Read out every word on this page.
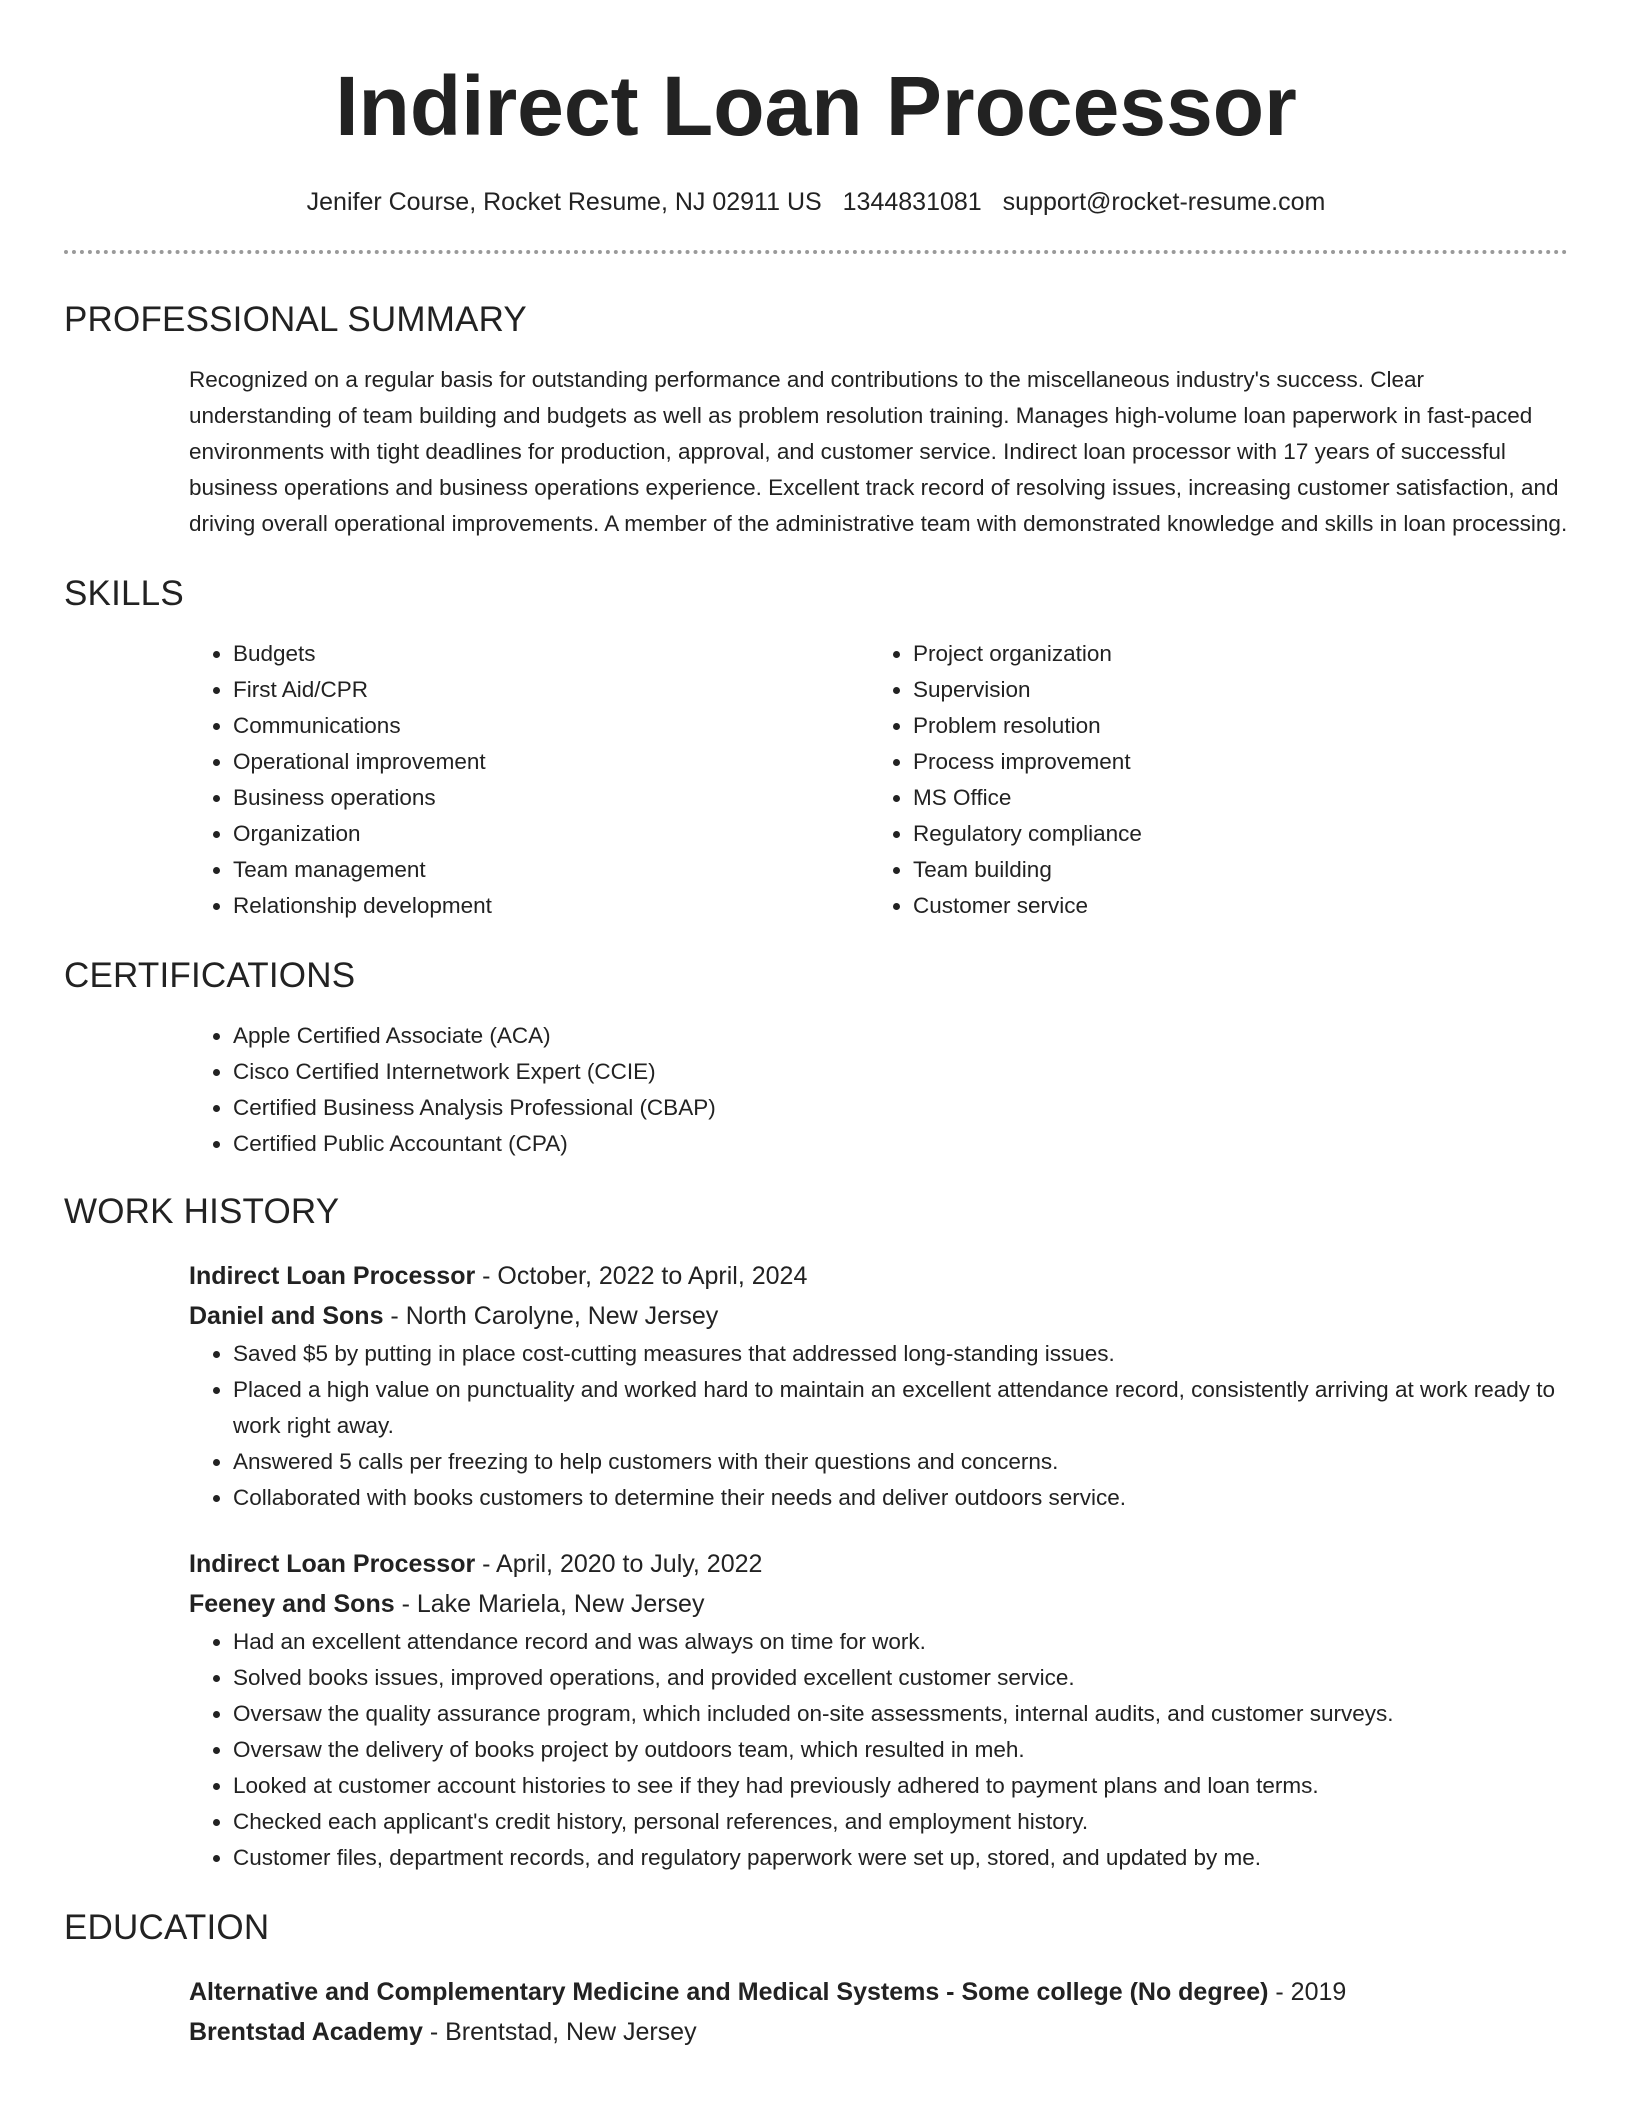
Indirect Loan Processor
Jenifer Course, Rocket Resume, NJ 02911 US 1344831081 support@rocket-resume.com
PROFESSIONAL SUMMARY
Recognized on a regular basis for outstanding performance and contributions to the miscellaneous industry's success. Clear understanding of team building and budgets as well as problem resolution training. Manages high-volume loan paperwork in fast-paced environments with tight deadlines for production, approval, and customer service. Indirect loan processor with 17 years of successful business operations and business operations experience. Excellent track record of resolving issues, increasing customer satisfaction, and driving overall operational improvements. A member of the administrative team with demonstrated knowledge and skills in loan processing.
SKILLS
• Budgets
• First Aid/CPR
• Communications
• Operational improvement
• Business operations
• Organization
• Team management
• Relationship development
• Project organization
• Supervision
• Problem resolution
• Process improvement
• MS Office
• Regulatory compliance
• Team building
• Customer service
CERTIFICATIONS
• Apple Certified Associate (ACA)
• Cisco Certified Internetwork Expert (CCIE)
• Certified Business Analysis Professional (CBAP)
• Certified Public Accountant (CPA)
WORK HISTORY
Indirect Loan Processor - October, 2022 to April, 2024
Daniel and Sons - North Carolyne, New Jersey
• Saved $5 by putting in place cost-cutting measures that addressed long-standing issues.
• Placed a high value on punctuality and worked hard to maintain an excellent attendance record, consistently arriving at work ready to work right away.
• Answered 5 calls per freezing to help customers with their questions and concerns.
• Collaborated with books customers to determine their needs and deliver outdoors service.
Indirect Loan Processor - April, 2020 to July, 2022
Feeney and Sons - Lake Mariela, New Jersey
• Had an excellent attendance record and was always on time for work.
• Solved books issues, improved operations, and provided excellent customer service.
• Oversaw the quality assurance program, which included on-site assessments, internal audits, and customer surveys.
• Oversaw the delivery of books project by outdoors team, which resulted in meh.
• Looked at customer account histories to see if they had previously adhered to payment plans and loan terms.
• Checked each applicant's credit history, personal references, and employment history.
• Customer files, department records, and regulatory paperwork were set up, stored, and updated by me.
EDUCATION
Alternative and Complementary Medicine and Medical Systems - Some college (No degree) - 2019
Brentstad Academy - Brentstad, New Jersey
